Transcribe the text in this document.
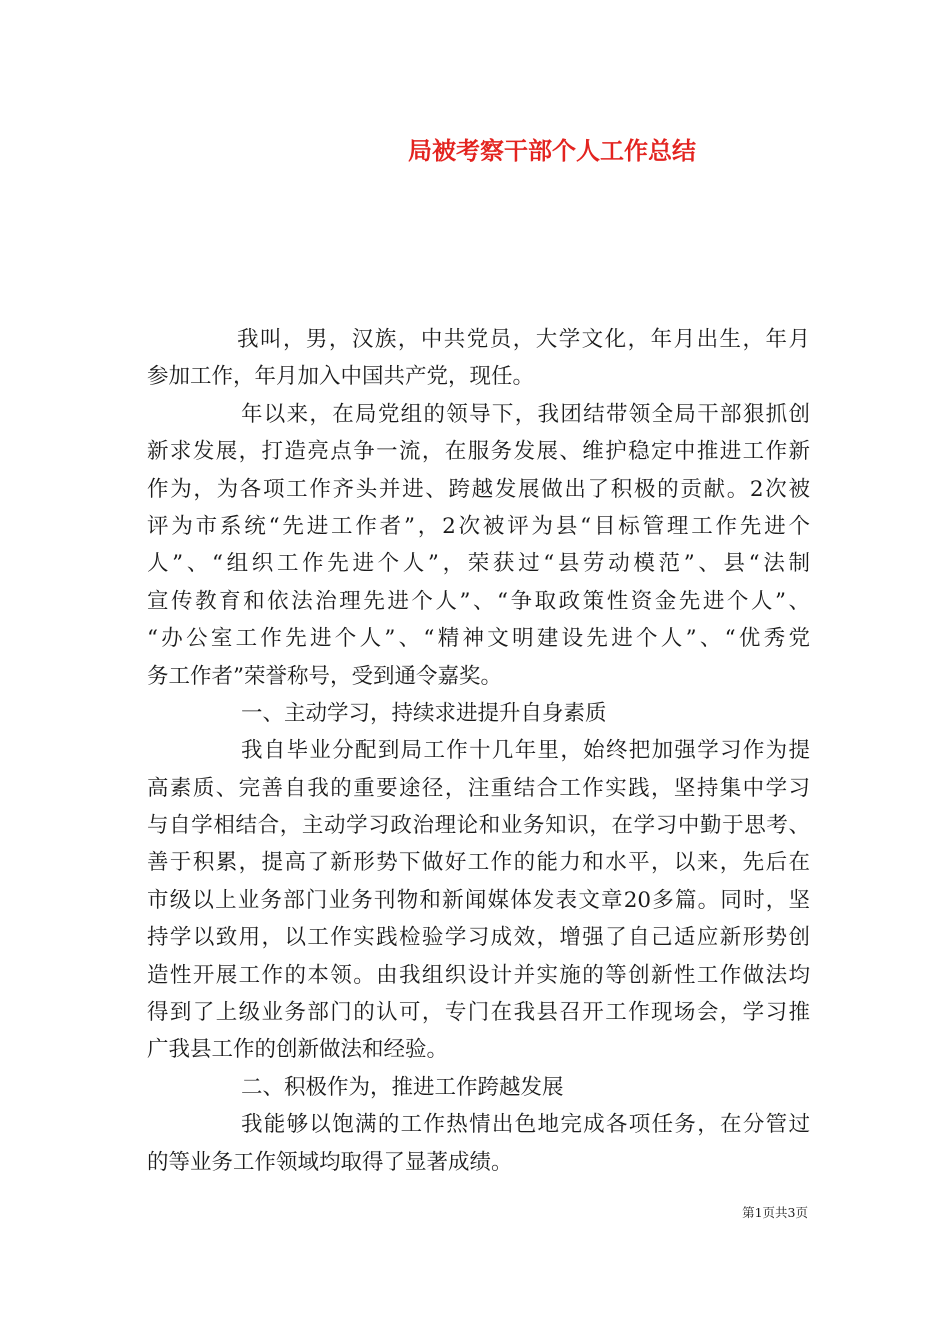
局被考察干部个人工作总结
我叫，男，汉族，中共党员，大学文化，年月出生，年月
参加工作，年月加入中国共产党，现任。
年以来，在局党组的领导下，我团结带领全局干部狠抓创
新求发展，打造亮点争一流，在服务发展、维护稳定中推进工作新
作为，为各项工作齐头并进、跨越发展做出了积极的贡献。2次被
评为市系统“先进工作者”，2次被评为县“目标管理工作先进个
人”、“组织工作先进个人”，荣获过“县劳动模范”、县“法制
宣传教育和依法治理先进个人”、“争取政策性资金先进个人”、
“办公室工作先进个人”、“精神文明建设先进个人”、“优秀党
务工作者”荣誉称号，受到通令嘉奖。
一、主动学习，持续求进提升自身素质
我自毕业分配到局工作十几年里，始终把加强学习作为提
高素质、完善自我的重要途径，注重结合工作实践，坚持集中学习
与自学相结合，主动学习政治理论和业务知识，在学习中勤于思考、
善于积累，提高了新形势下做好工作的能力和水平，以来，先后在
市级以上业务部门业务刊物和新闻媒体发表文章20多篇。同时，坚
持学以致用，以工作实践检验学习成效，增强了自己适应新形势创
造性开展工作的本领。由我组织设计并实施的等创新性工作做法均
得到了上级业务部门的认可，专门在我县召开工作现场会，学习推
广我县工作的创新做法和经验。
二、积极作为，推进工作跨越发展
我能够以饱满的工作热情出色地完成各项任务，在分管过
的等业务工作领域均取得了显著成绩。
第1页共3页
